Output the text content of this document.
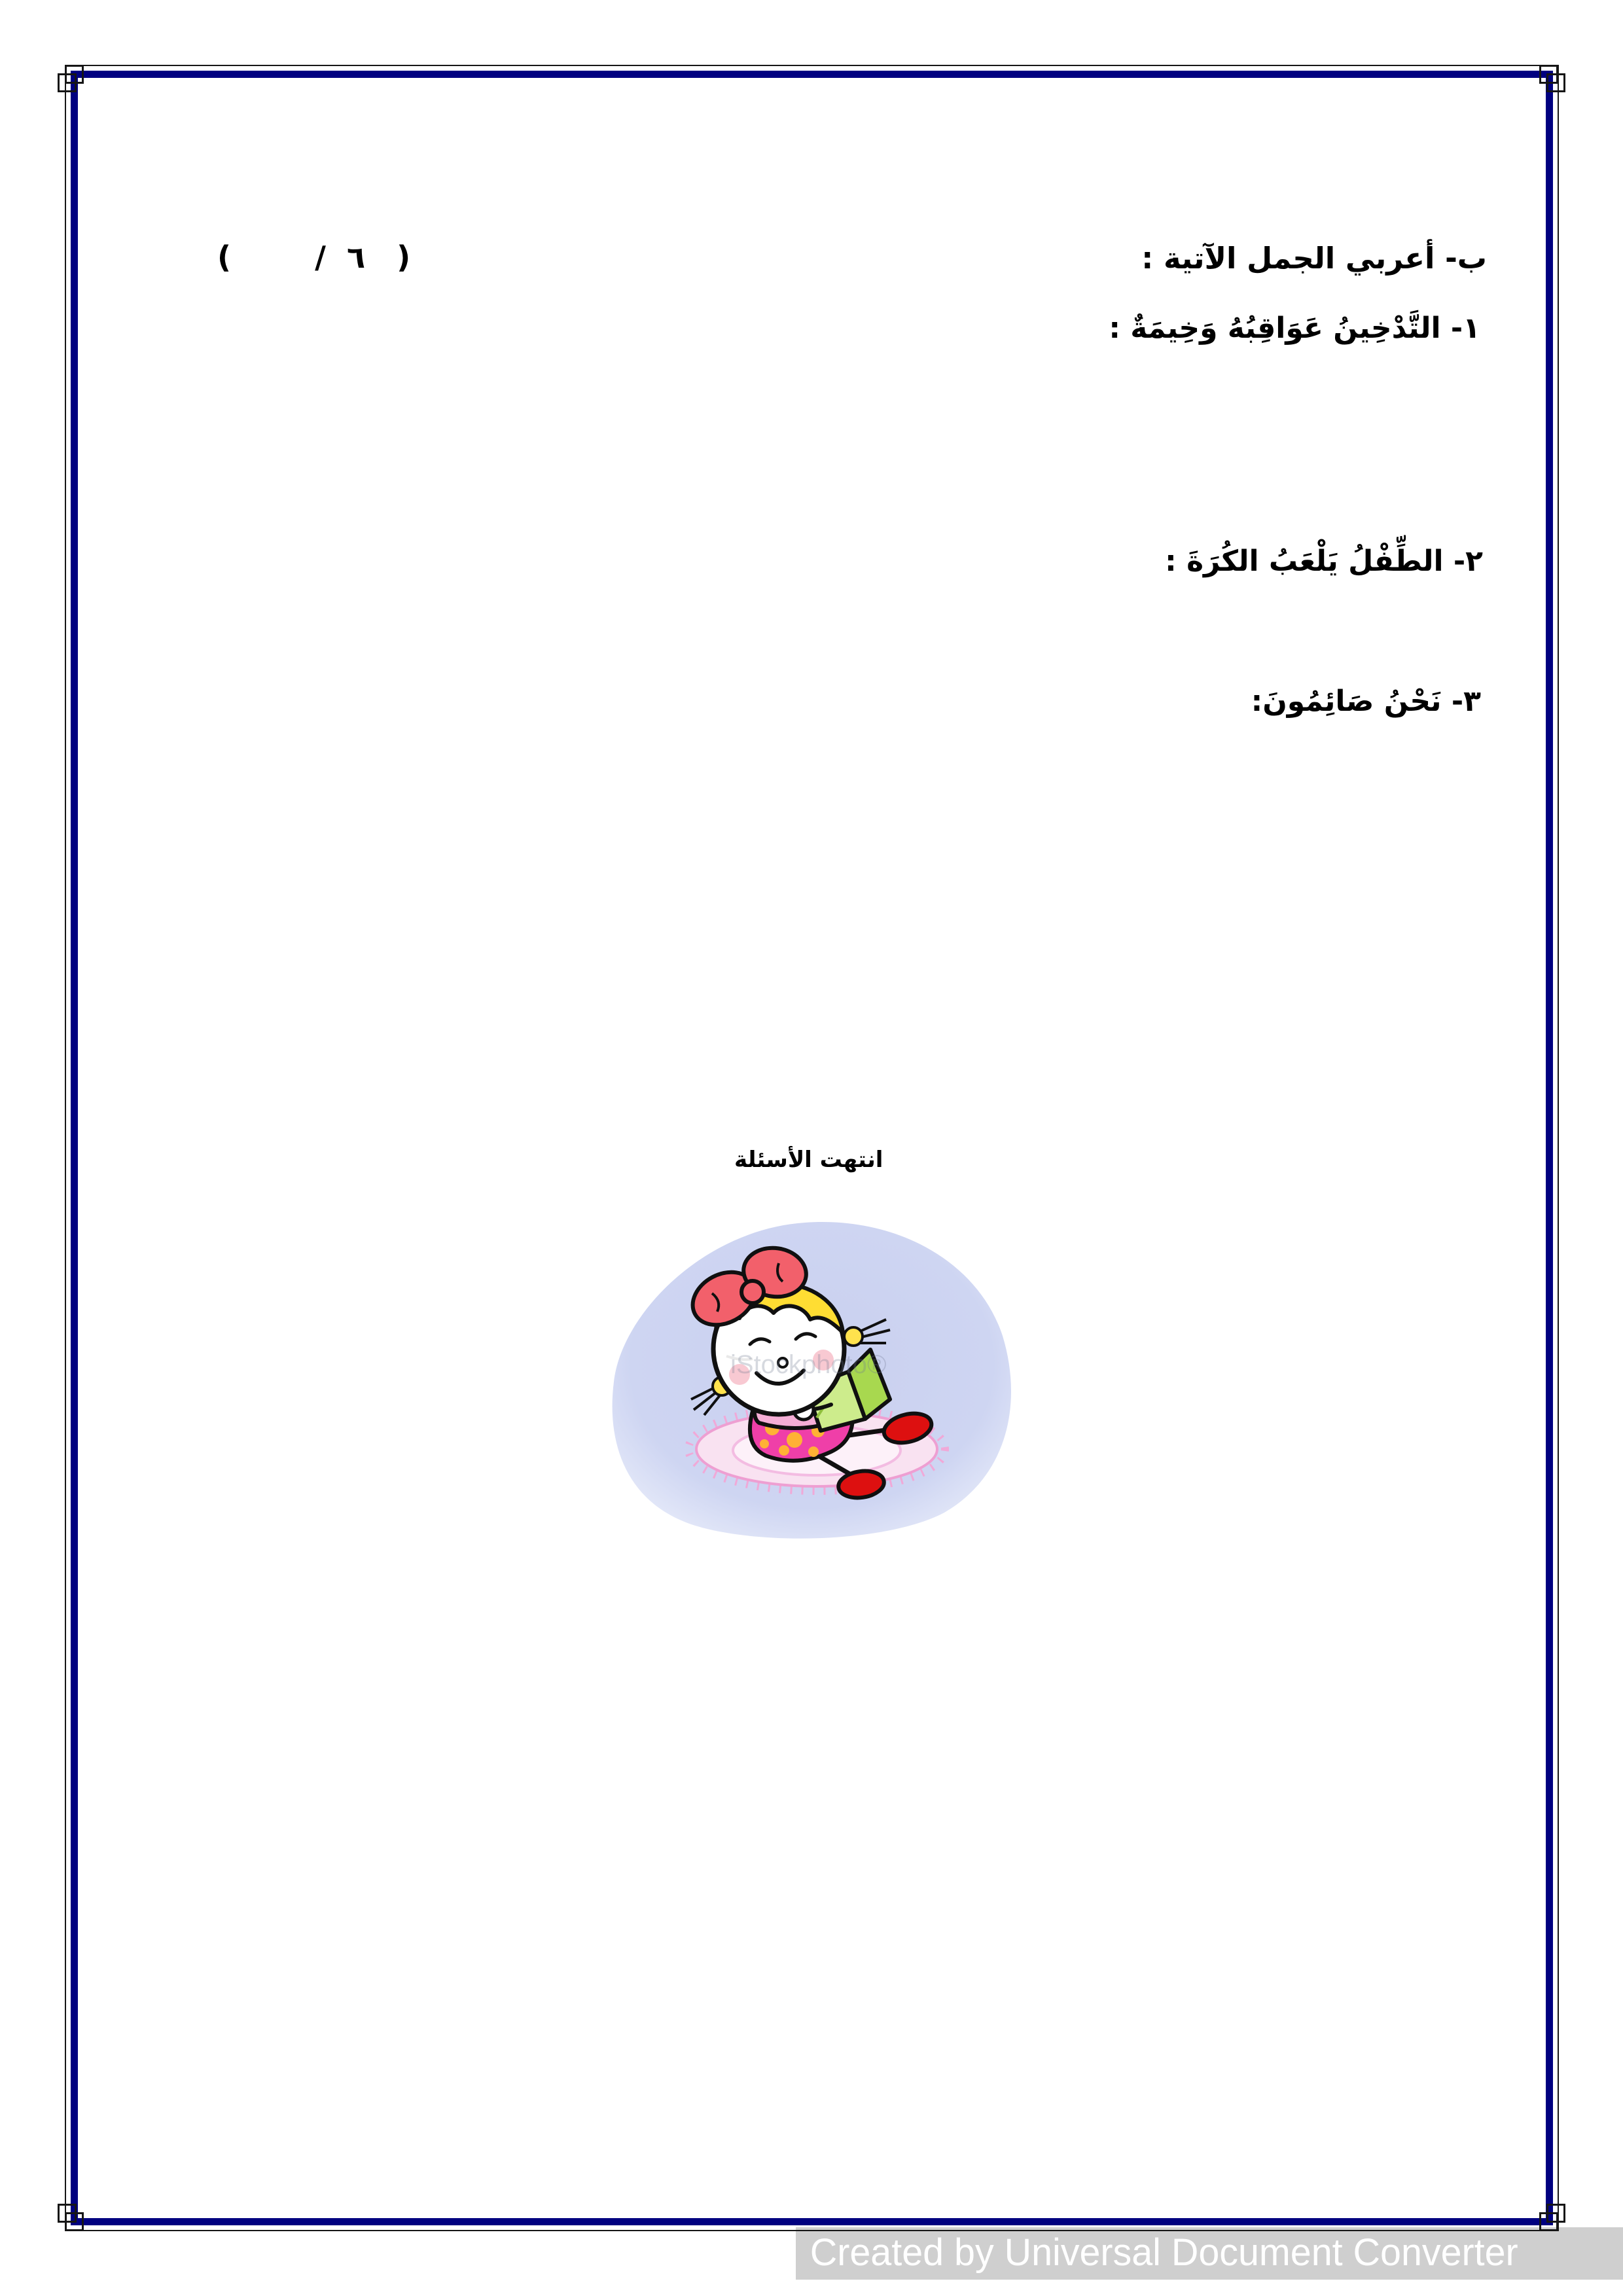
ب- أعربي الجمل الآتية :
(        /  ٦   )
١- التَّدْخِينُ عَوَاقِبُهُ وَخِيمَةٌ :
٢- الطِّفْلُ يَلْعَبُ الكُرَةَ :
٣- نَحْنُ صَائِمُونَ:
انتهت الأسئلة
iStockphoto®
Created by Universal Document Converter
